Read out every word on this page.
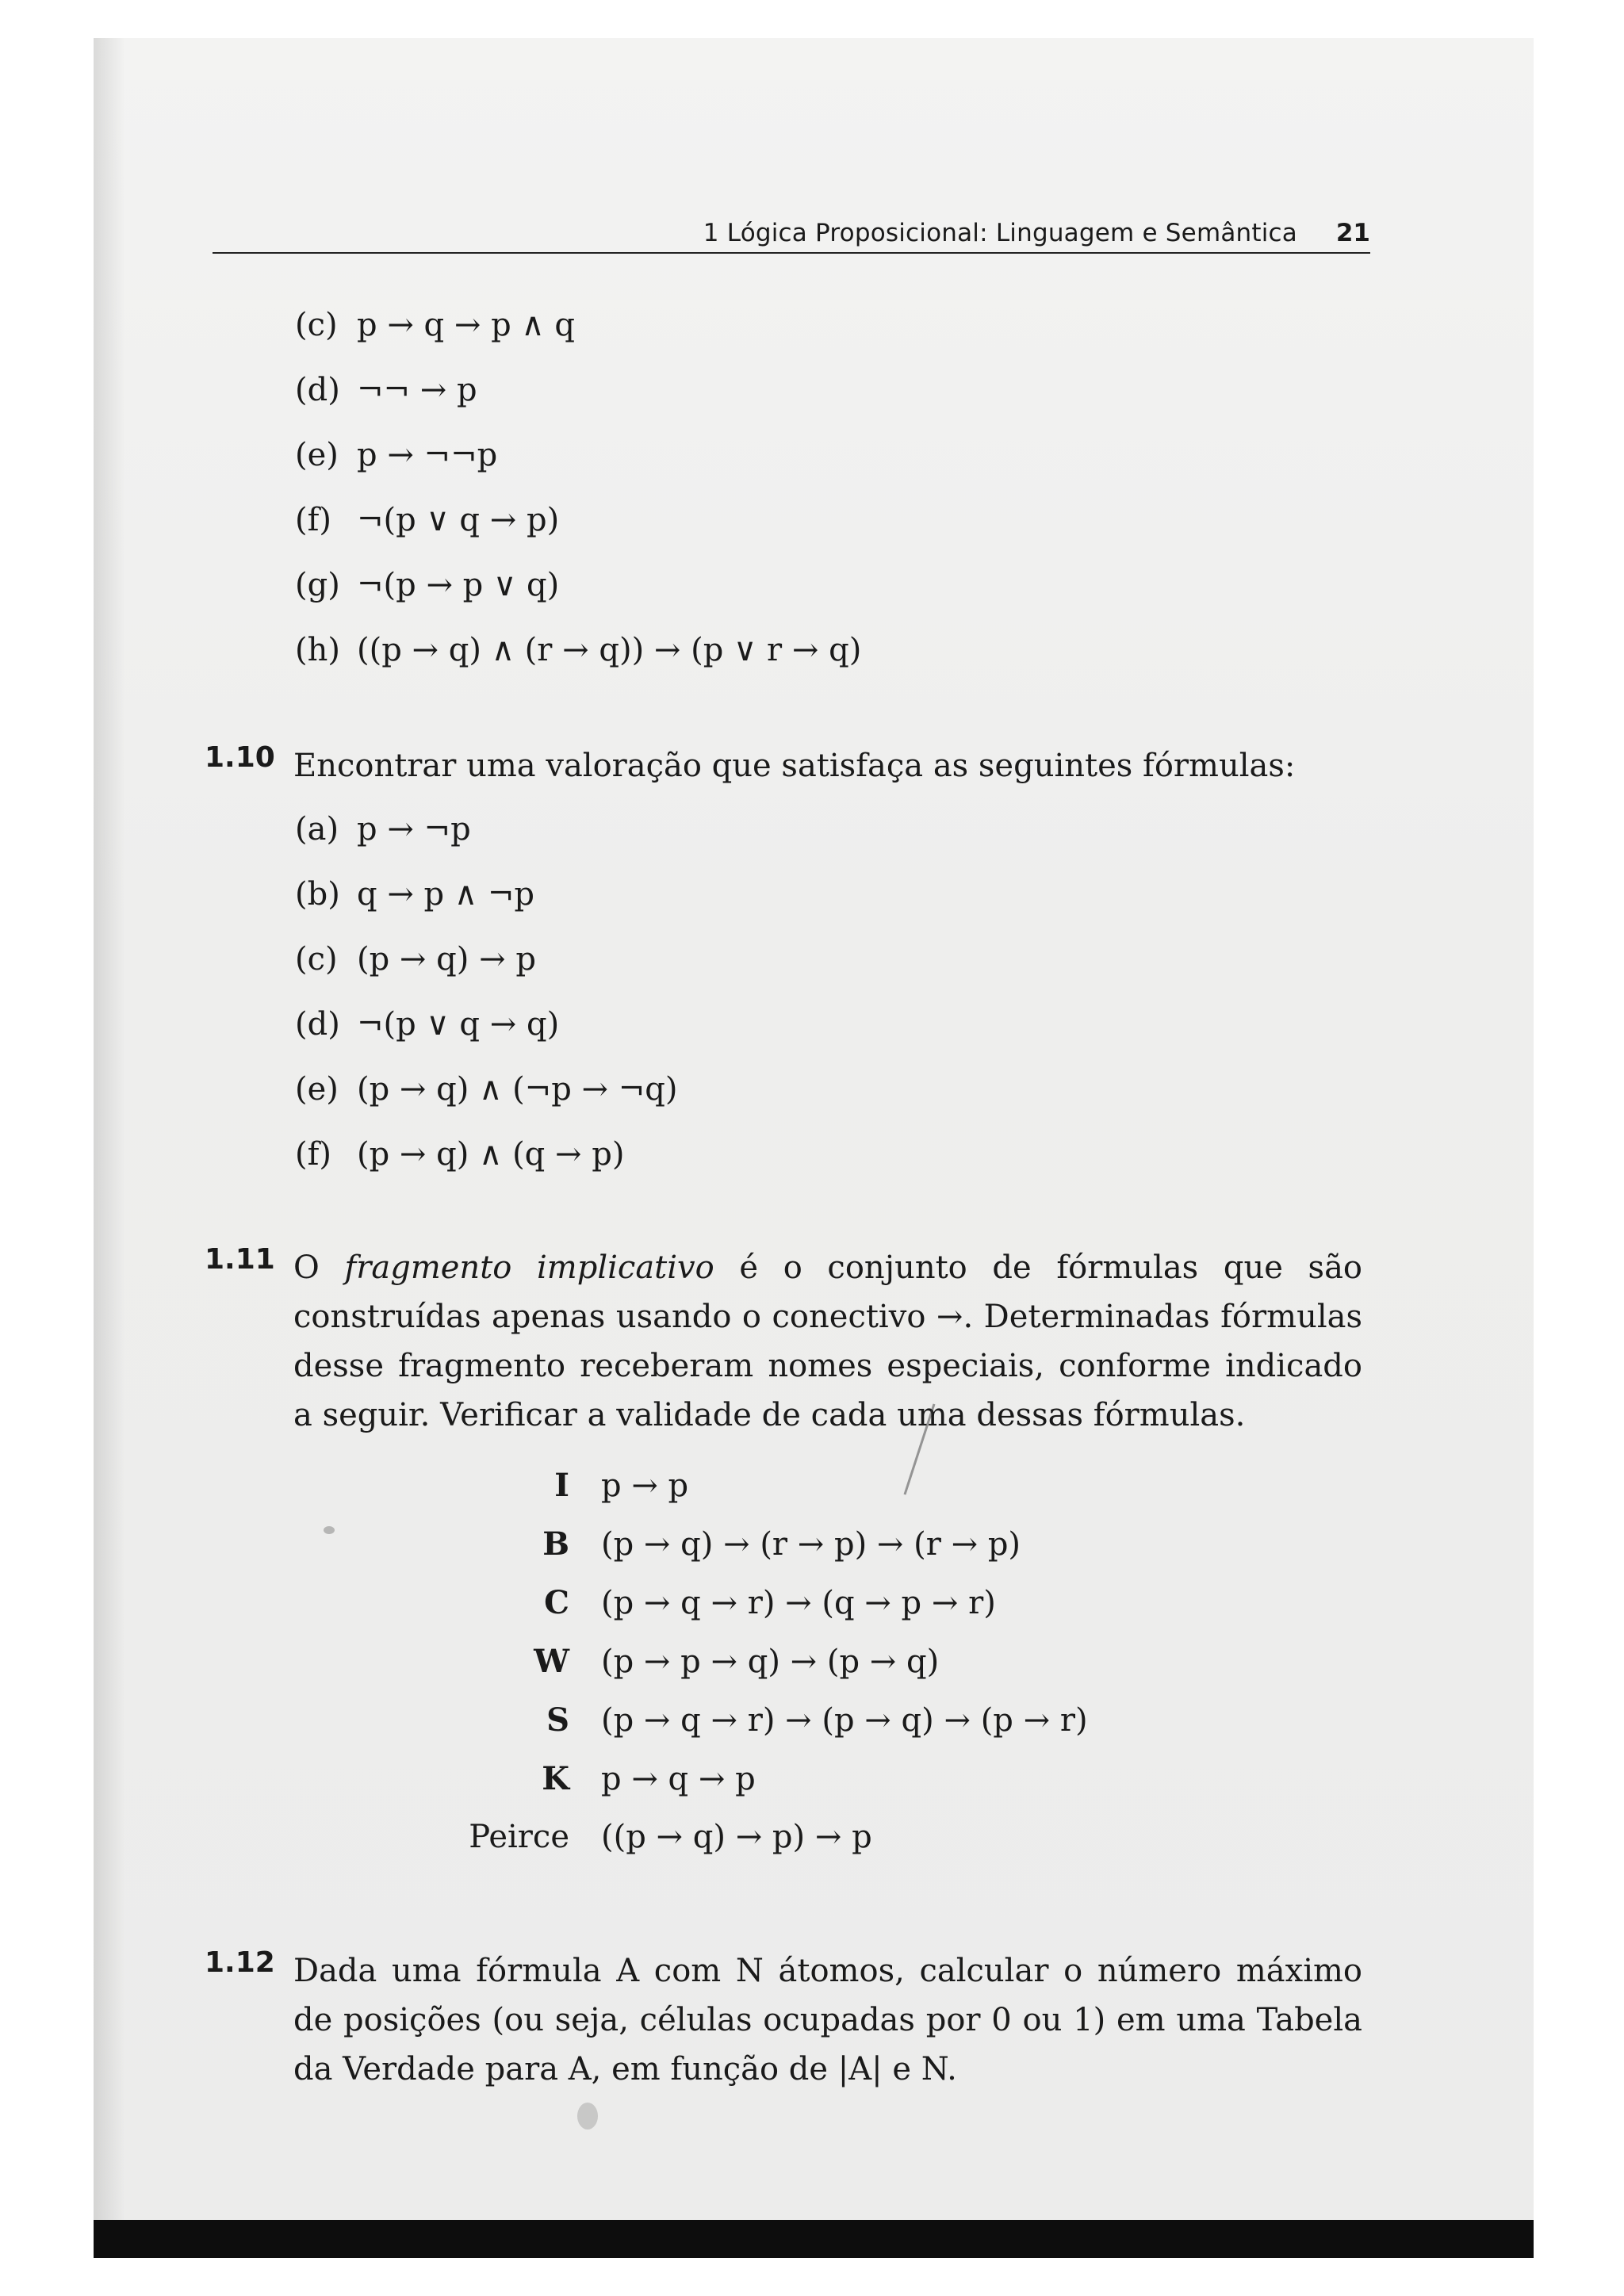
1 Lógica Proposicional: Linguagem e Semântica 21
(c) p → q → p ∧ q
(d) ¬¬ → p
(e) p → ¬¬p
(f) ¬(p ∨ q → p)
(g) ¬(p → p ∨ q)
(h) ((p → q) ∧ (r → q)) → (p ∨ r → q)
1.10 Encontrar uma valoração que satisfaça as seguintes fórmulas:
(a) p → ¬p
(b) q → p ∧ ¬p
(c) (p → q) → p
(d) ¬(p ∨ q → q)
(e) (p → q) ∧ (¬p → ¬q)
(f) (p → q) ∧ (q → p)
1.11 O fragmento implicativo é o conjunto de fórmulas que são construídas apenas usando o conectivo →. Determinadas fórmulas desse fragmento receberam nomes especiais, conforme indicado a seguir. Verificar a validade de cada uma dessas fórmulas.
I p → p
B (p → q) → (r → p) → (r → p)
C (p → q → r) → (q → p → r)
W (p → p → q) → (p → q)
S (p → q → r) → (p → q) → (p → r)
K p → q → p
Peirce ((p → q) → p) → p
1.12 Dada uma fórmula A com N átomos, calcular o número máximo de posições (ou seja, células ocupadas por 0 ou 1) em uma Tabela da Verdade para A, em função de |A| e N.
